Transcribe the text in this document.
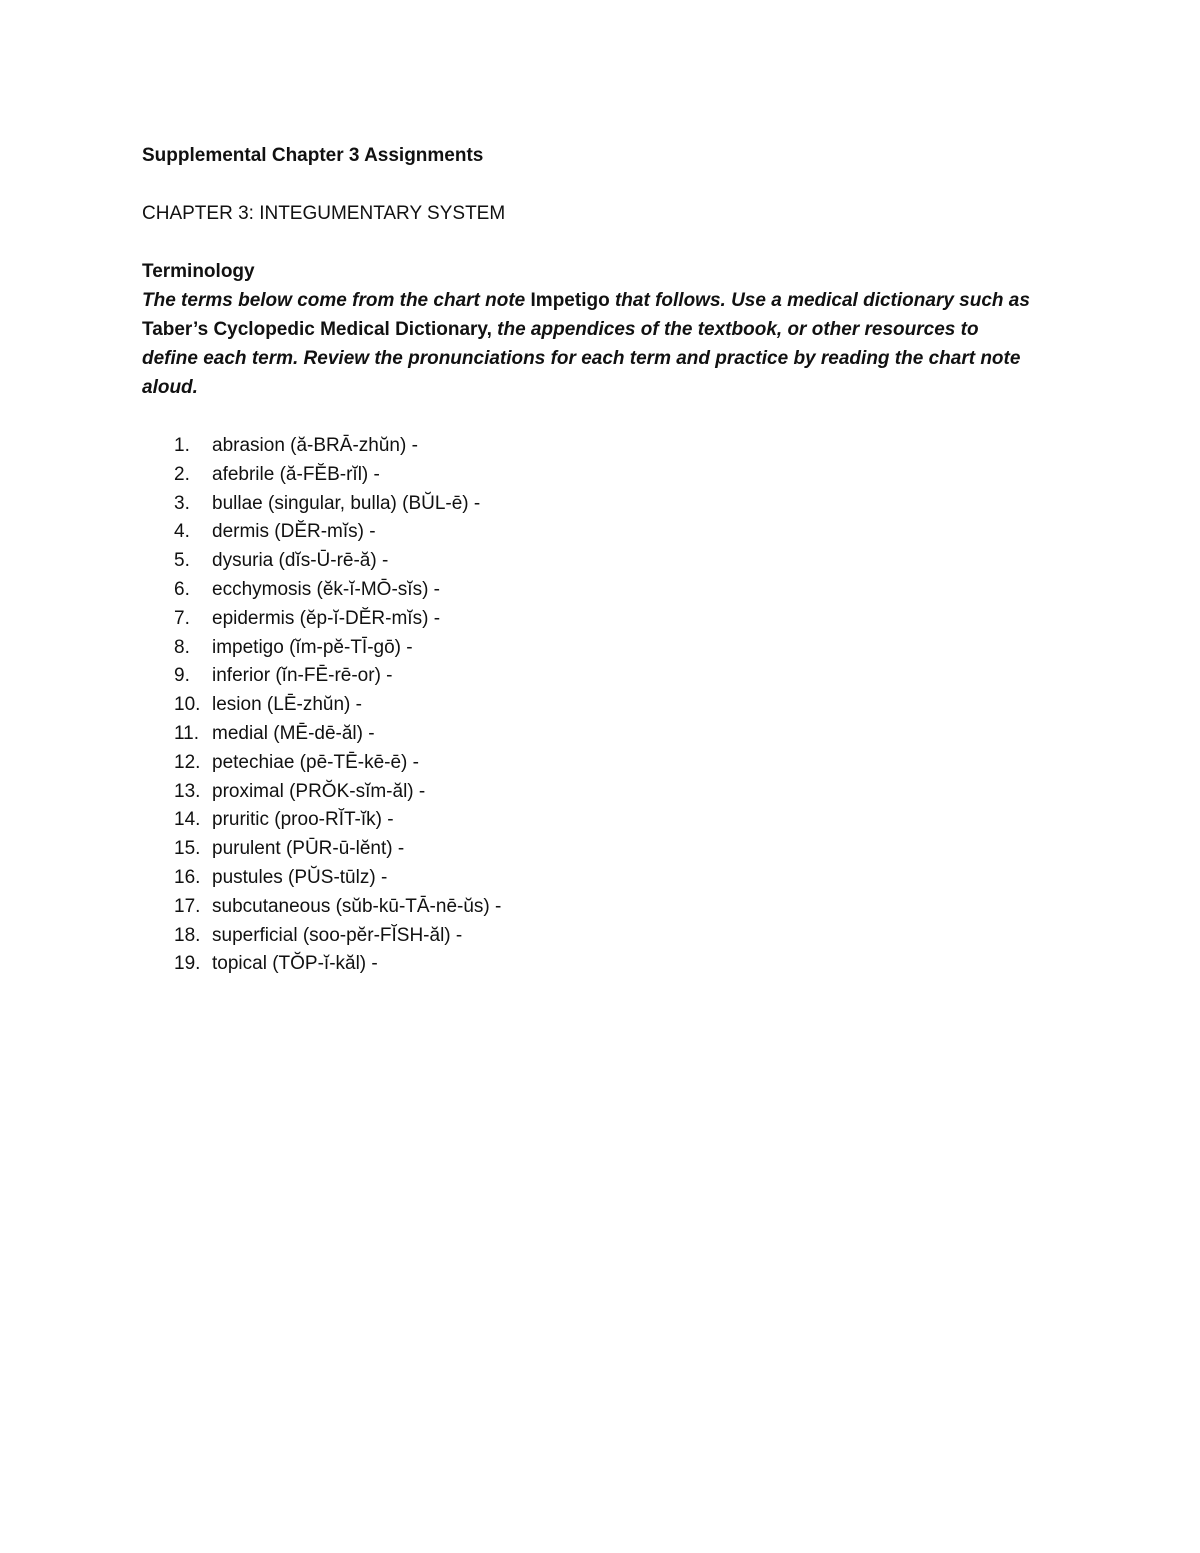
Supplemental Chapter 3 Assignments

CHAPTER 3: INTEGUMENTARY SYSTEM

Terminology

The terms below come from the chart note Impetigo that follows. Use a medical dictionary such as Taber’s Cyclopedic Medical Dictionary, the appendices of the textbook, or other resources to define each term. Review the pronunciations for each term and practice by reading the chart note aloud.

1.	abrasion (ă-BRĀ-zhŭn) -
2.	afebrile (ă-FĔB-rĭl) -
3.	bullae (singular, bulla) (BŬL-ē) -
4.	dermis (DĔR-mĭs) -
5.	dysuria (dĭs-Ū-rē-ă) -
6.	ecchymosis (ĕk-ĭ-MŌ-sĭs) -
7.	epidermis (ĕp-ĭ-DĔR-mĭs) -
8.	impetigo (ĭm-pĕ-TĪ-gō) -
9.	inferior (ĭn-FĒ-rē-or) -
10. lesion (LĒ-zhŭn) -
11. medial (MĒ-dē-ăl) -
12. petechiae (pē-TĒ-kē-ē) -
13. proximal (PRŎK-sĭm-ăl) -
14. pruritic (proo-RĬT-ĭk) -
15. purulent (PŪR-ū-lĕnt) -
16. pustules (PŬS-tūlz) -
17. subcutaneous (sŭb-kū-TĀ-nē-ŭs) -
18. superficial (soo-pĕr-FĬSH-ăl) -
19. topical (TŎP-ĭ-kăl) -
